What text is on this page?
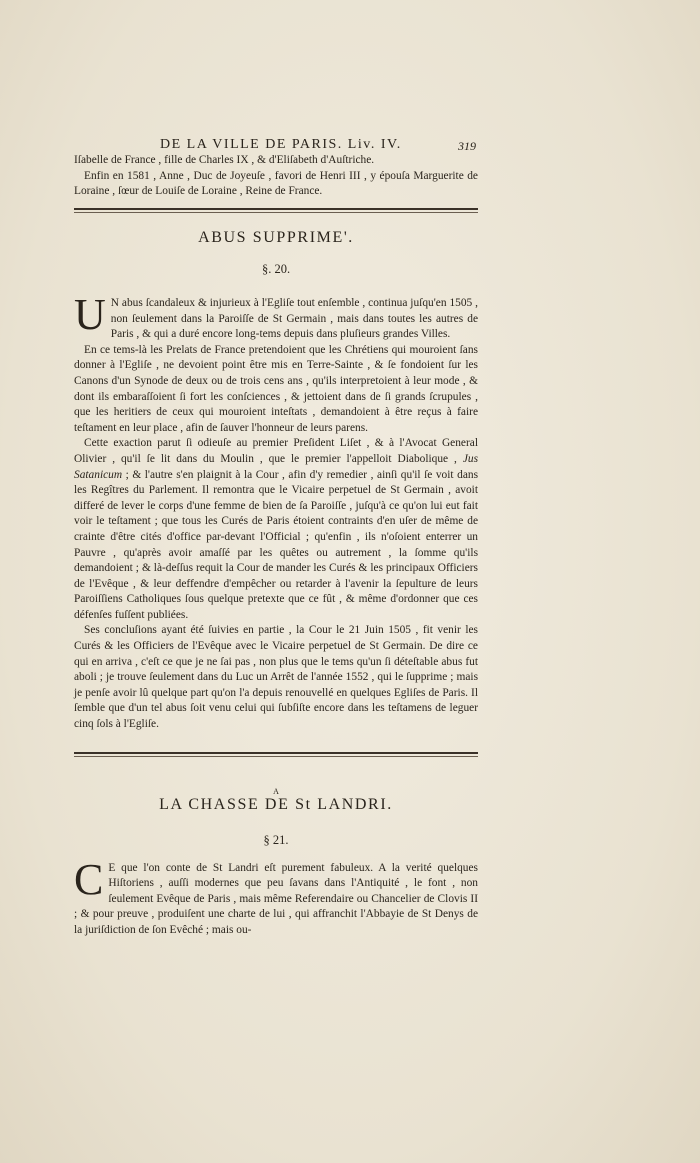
DE LA VILLE DE PARIS. Liv. IV.	319

Iſabelle de France , fille de Charles IX , & d'Eliſabeth d'Auſtriche.

Enfin en 1581 , Anne , Duc de Joyeuſe , favori de Henri III , y épouſa Marguerite de Loraine , ſœur de Louiſe de Loraine , Reine de France.

ABUS SUPPRIME'.
§. 20.

U N abus ſcandaleux & injurieux à l'Egliſe tout enſemble , continua juſqu'en 1505 , non ſeulement dans la Paroiſſe de St Germain , mais dans toutes les autres de Paris , & qui a duré encore long-tems depuis dans pluſieurs grandes Villes.

En ce tems-là les Prelats de France pretendoient que les Chrétiens qui mouroient ſans donner à l'Egliſe , ne devoient point être mis en Terre-Sainte , & ſe fondoient ſur les Canons d'un Synode de deux ou de trois cens ans , qu'ils interpretoient à leur mode , & dont ils embaraſſoient ſi fort les conſciences , & jettoient dans de ſi grands ſcrupules , que les heritiers de ceux qui mouroient inteſtats , demandoient à être reçus à faire teſtament en leur place , afin de ſauver l'honneur de leurs parens.

Cette exaction parut ſi odieuſe au premier Preſident Liſet , & à l'Avocat General Olivier , qu'il ſe lit dans du Moulin , que le premier l'appelloit Diabolique , Jus Satanicum ; & l'autre s'en plaignit à la Cour , afin d'y remedier , ainſi qu'il ſe voit dans les Regîtres du Parlement. Il remontra que le Vicaire perpetuel de St Germain , avoit differé de lever le corps d'une femme de bien de ſa Paroiſſe , juſqu'à ce qu'on lui eut fait voir le teſtament ; que tous les Curés de Paris étoient contraints d'en uſer de même de crainte d'être cités d'office par-devant l'Official ; qu'enfin , ils n'oſoient enterrer un Pauvre , qu'après avoir amaſſé par les quêtes ou autrement , la ſomme qu'ils demandoient ; & là-deſſus requit la Cour de mander les Curés & les principaux Officiers de l'Evêque , & leur deffendre d'empêcher ou retarder à l'avenir la ſepulture de leurs Paroiſſiens Catholiques ſous quelque pretexte que ce fût , & même d'ordonner que ces défenſes fuſſent publiées.

Ses concluſions ayant été ſuivies en partie , la Cour le 21 Juin 1505 , fit venir les Curés & les Officiers de l'Evêque avec le Vicaire perpetuel de St Germain. De dire ce qui en arriva , c'eſt ce que je ne ſai pas , non plus que le tems qu'un ſi déteſtable abus fut aboli ; je trouve ſeulement dans du Luc un Arrêt de l'année 1552 , qui le ſupprime ; mais je penſe avoir lû quelque part qu'on l'a depuis renouvellé en quelques Egliſes de Paris. Il ſemble que d'un tel abus ſoit venu celui qui ſubſiſte encore dans les teſtamens de leguer cinq ſols à l'Egliſe.

A
LA CHASSE DE St LANDRI.

§ 21.

C E que l'on conte de St Landri eſt purement fabuleux. A la verité quelques Hiſtoriens , auſſi modernes que peu ſavans dans l'Antiquité , le font , non ſeulement Evêque de Paris , mais même Referendaire ou Chancelier de Clovis II ; & pour preuve , produiſent une charte de lui , qui affranchit l'Abbayie de St Denys de la juriſdiction de ſon Evêché ; mais ou-
